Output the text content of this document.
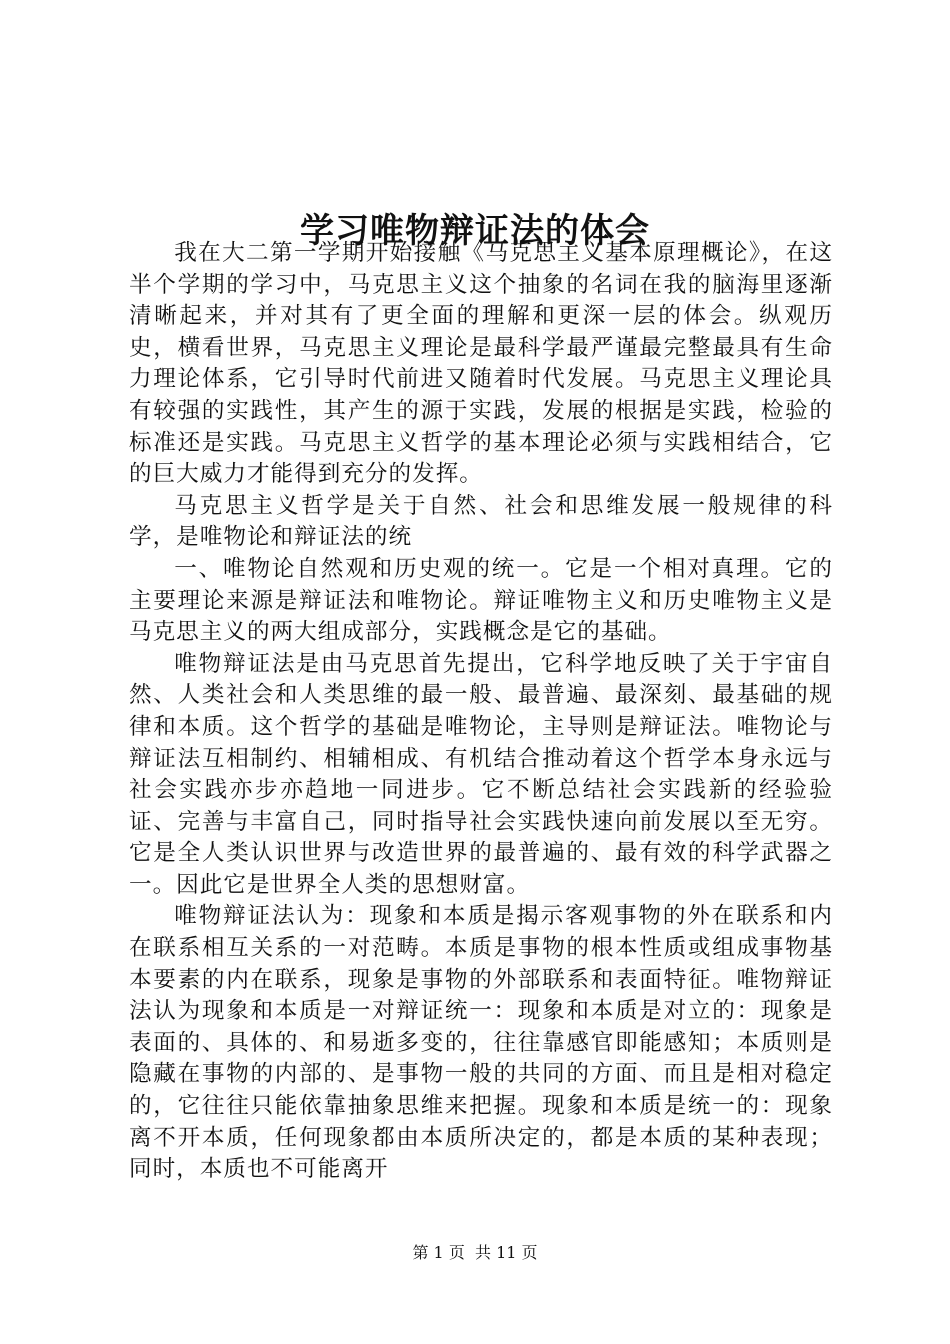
学习唯物辩证法的体会

我在大二第一学期开始接触《马克思主义基本原理概论》，在这半个学期的学习中，马克思主义这个抽象的名词在我的脑海里逐渐清晰起来，并对其有了更全面的理解和更深一层的体会。纵观历史，横看世界，马克思主义理论是最科学最严谨最完整最具有生命力理论体系，它引导时代前进又随着时代发展。马克思主义理论具有较强的实践性，其产生的源于实践，发展的根据是实践，检验的标准还是实践。马克思主义哲学的基本理论必须与实践相结合，它的巨大威力才能得到充分的发挥。

马克思主义哲学是关于自然、社会和思维发展一般规律的科学，是唯物论和辩证法的统

一、唯物论自然观和历史观的统一。它是一个相对真理。它的主要理论来源是辩证法和唯物论。辩证唯物主义和历史唯物主义是马克思主义的两大组成部分，实践概念是它的基础。

唯物辩证法是由马克思首先提出，它科学地反映了关于宇宙自然、人类社会和人类思维的最一般、最普遍、最深刻、最基础的规律和本质。这个哲学的基础是唯物论，主导则是辩证法。唯物论与辩证法互相制约、相辅相成、有机结合推动着这个哲学本身永远与社会实践亦步亦趋地一同进步。它不断总结社会实践新的经验验证、完善与丰富自己，同时指导社会实践快速向前发展以至无穷。它是全人类认识世界与改造世界的最普遍的、最有效的科学武器之一。因此它是世界全人类的思想财富。

唯物辩证法认为：现象和本质是揭示客观事物的外在联系和内在联系相互关系的一对范畴。本质是事物的根本性质或组成事物基本要素的内在联系，现象是事物的外部联系和表面特征。唯物辩证法认为现象和本质是一对辩证统一：现象和本质是对立的：现象是表面的、具体的、和易逝多变的，往往靠感官即能感知；本质则是隐藏在事物的内部的、是事物一般的共同的方面、而且是相对稳定的，它往往只能依靠抽象思维来把握。现象和本质是统一的：现象离不开本质，任何现象都由本质所决定的，都是本质的某种表现；同时，本质也不可能离开

第 1 页  共 11 页
